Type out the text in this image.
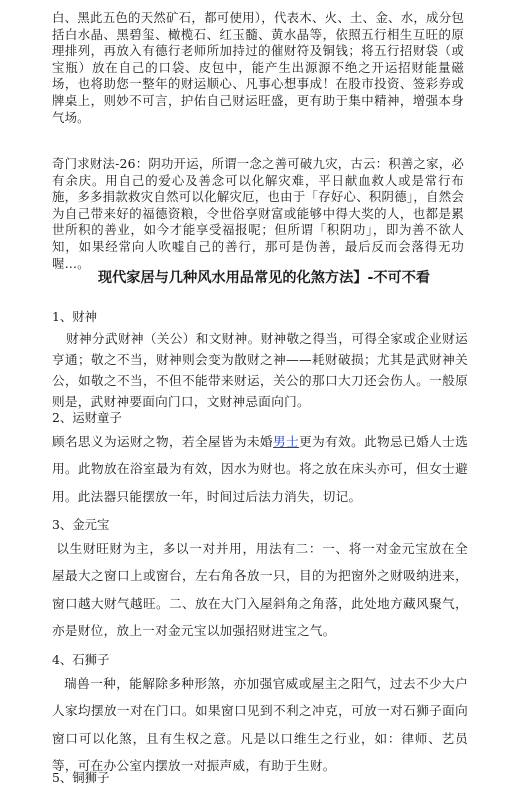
白、黑此五色的天然矿石，都可使用），代表木、火、土、金、水，成分包括白水晶、黑碧玺、橄榄石、红玉髓、黄水晶等，依照五行相生互旺的原理排列，再放入有德行老师所加持过的催财符及铜钱；将五行招财袋（或宝瓶）放在自己的口袋、皮包中，能产生出源源不绝之开运招财能量磁场，也将助您一整年的财运顺心、凡事心想事成！在股市投资、签彩券或牌桌上，则妙不可言，护佑自己财运旺盛，更有助于集中精神，增强本身气场。

奇门求财法-26：阴功开运，所谓一念之善可破九灾，古云：积善之家，必有余庆。用自己的爱心及善念可以化解灾难，平日献血救人或是常行布施，多多捐款救灾自然可以化解灾厄，也由于「存好心、积阴德」，自然会为自己带来好的福德资粮，令世俗享财富或能够中得大奖的人，也都是累世所积的善业，如今才能享受福报呢；但所谓「积阴功」，即为善不欲人知，如果经常向人吹嘘自己的善行，那可是伪善，最后反而会落得无功喔…。

现代家居与几种风水用品常见的化煞方法】-不可不看

1、财神

财神分武财神（关公）和文财神。财神敬之得当，可得全家或企业财运亨通；敬之不当，财神则会变为散财之神——耗财破损；尤其是武财神关公，如敬之不当，不但不能带来财运，关公的那口大刀还会伤人。一般原则是，武财神要面向门口，文财神忌面向门。

2、运财童子

顾名思义为运财之物，若全屋皆为未婚男士更为有效。此物忌已婚人士选用。此物放在浴室最为有效，因水为财也。将之放在床头亦可，但女士避用。此法器只能摆放一年，时间过后法力消失，切记。

3、金元宝

以生财旺财为主，多以一对并用，用法有二：一、将一对金元宝放在全屋最大之窗口上或窗台，左右角各放一只，目的为把窗外之财吸纳进来，窗口越大财气越旺。二、放在大门入屋斜角之角落，此处地方藏风聚气，亦是财位，放上一对金元宝以加强招财进宝之气。

4、石狮子

瑞兽一种，能解除多种形煞，亦加强官威或屋主之阳气，过去不少大户人家均摆放一对在门口。如果窗口见到不利之冲克，可放一对石狮子面向窗口可以化煞，且有生权之意。凡是以口维生之行业，如：律师、艺员等，可在办公室内摆放一对振声威，有助于生财。

5、铜狮子
